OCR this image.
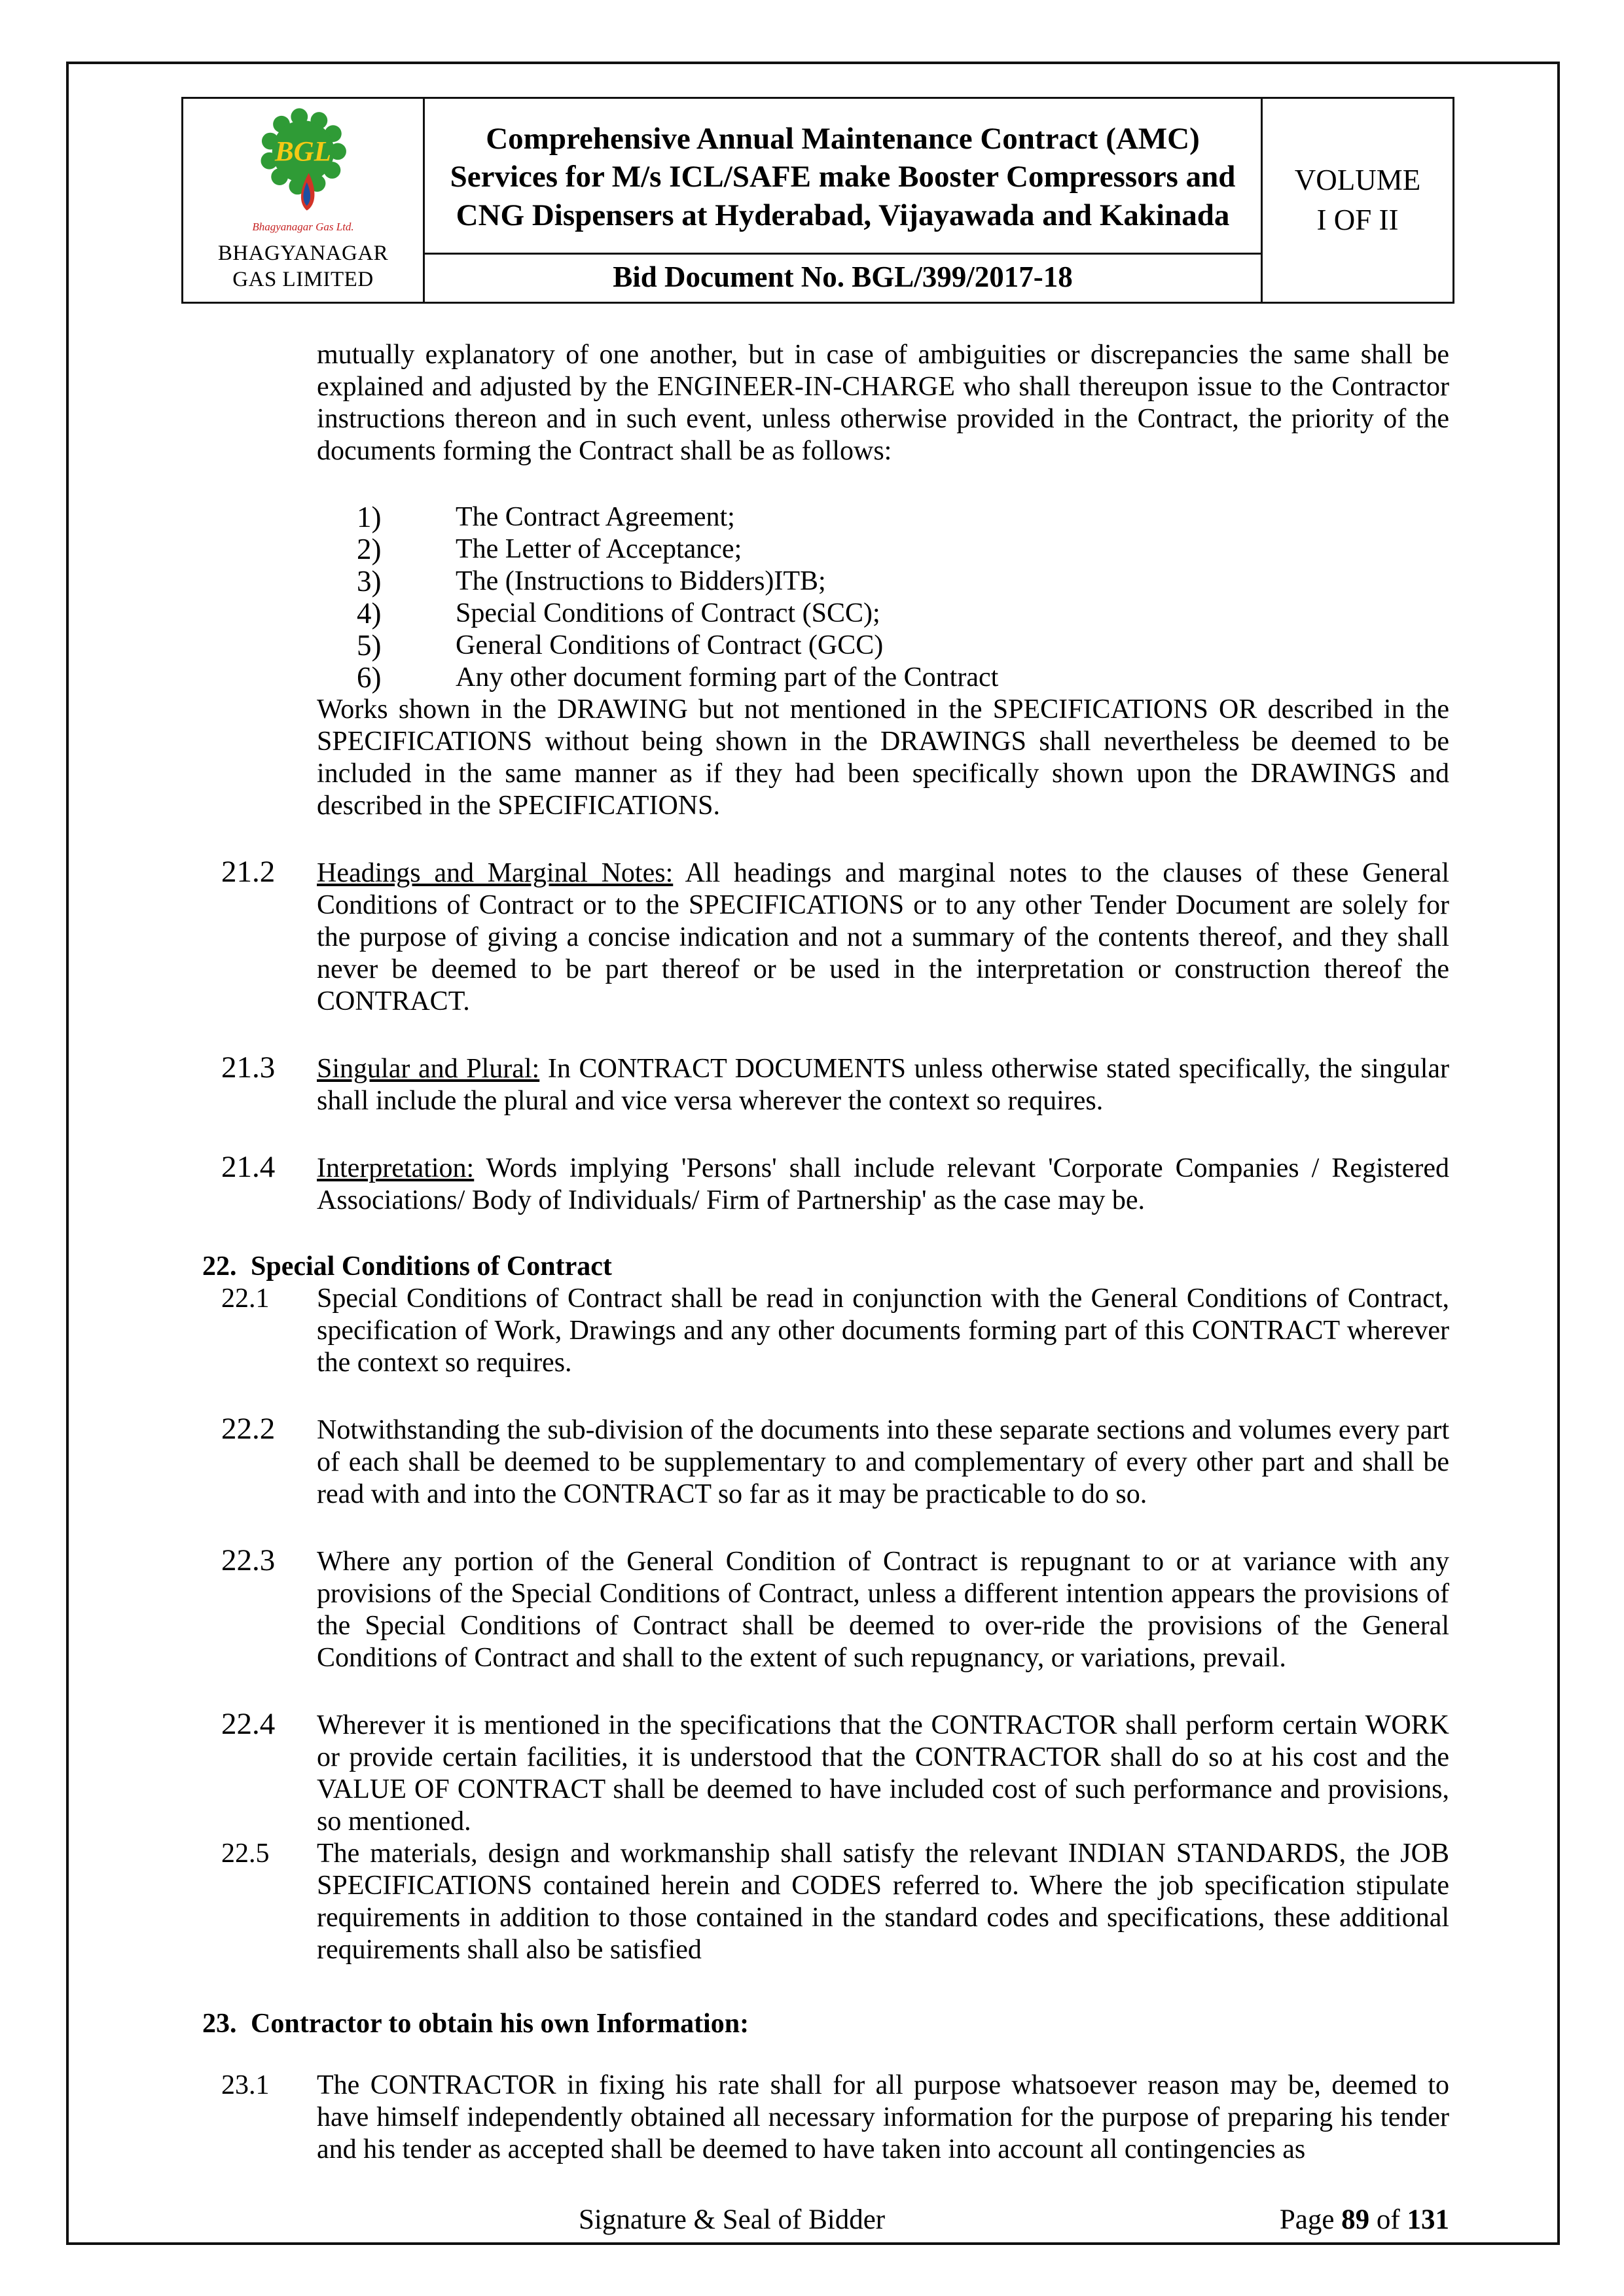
BGL
Bhagyanagar Gas Ltd.
BHAGYANAGAR
GAS LIMITED
Comprehensive Annual Maintenance Contract (AMC) Services for M/s ICL/SAFE make Booster Compressors and CNG Dispensers at Hyderabad, Vijayawada and Kakinada
Bid Document No. BGL/399/2017-18
VOLUME
I OF II

mutually explanatory of one another, but in case of ambiguities or discrepancies the same shall be explained and adjusted by the ENGINEER-IN-CHARGE who shall thereupon issue to the Contractor instructions thereon and in such event, unless otherwise provided in the Contract, the priority of the documents forming the Contract shall be as follows:

1)	The Contract Agreement;
2)	The Letter of Acceptance;
3)	The (Instructions to Bidders)ITB;
4)	Special Conditions of Contract (SCC);
5)	General Conditions of Contract (GCC)
6)	Any other document forming part of the Contract

Works shown in the DRAWING but not mentioned in the SPECIFICATIONS OR described in the SPECIFICATIONS without being shown in the DRAWINGS shall nevertheless be deemed to be included in the same manner as if they had been specifically shown upon the DRAWINGS and described in the SPECIFICATIONS.

21.2	Headings and Marginal Notes: All headings and marginal notes to the clauses of these General Conditions of Contract or to the SPECIFICATIONS or to any other Tender Document are solely for the purpose of giving a concise indication and not a summary of the contents thereof, and they shall never be deemed to be part thereof or be used in the interpretation or construction thereof the CONTRACT.
21.3	Singular and Plural: In CONTRACT DOCUMENTS unless otherwise stated specifically, the singular shall include the plural and vice versa wherever the context so requires.
21.4	Interpretation: Words implying 'Persons' shall include relevant 'Corporate Companies / Registered Associations/ Body of Individuals/ Firm of Partnership' as the case may be.
22. Special Conditions of Contract
22.1	Special Conditions of Contract shall be read in conjunction with the General Conditions of Contract, specification of Work, Drawings and any other documents forming part of this CONTRACT wherever the context so requires.
22.2	Notwithstanding the sub-division of the documents into these separate sections and volumes every part of each shall be deemed to be supplementary to and complementary of every other part and shall be read with and into the CONTRACT so far as it may be practicable to do so.
22.3	Where any portion of the General Condition of Contract is repugnant to or at variance with any provisions of the Special Conditions of Contract, unless a different intention appears the provisions of the Special Conditions of Contract shall be deemed to over-ride the provisions of the General Conditions of Contract and shall to the extent of such repugnancy, or variations, prevail.
22.4	Wherever it is mentioned in the specifications that the CONTRACTOR shall perform certain WORK or provide certain facilities, it is understood that the CONTRACTOR shall do so at his cost and the VALUE OF CONTRACT shall be deemed to have included cost of such performance and provisions, so mentioned.
22.5	The materials, design and workmanship shall satisfy the relevant INDIAN STANDARDS, the JOB SPECIFICATIONS contained herein and CODES referred to. Where the job specification stipulate requirements in addition to those contained in the standard codes and specifications, these additional requirements shall also be satisfied
23. Contractor to obtain his own Information:
23.1	The CONTRACTOR in fixing his rate shall for all purpose whatsoever reason may be, deemed to have himself independently obtained all necessary information for the purpose of preparing his tender and his tender as accepted shall be deemed to have taken into account all contingencies as
Signature & Seal of Bidder	Page 89 of 131
